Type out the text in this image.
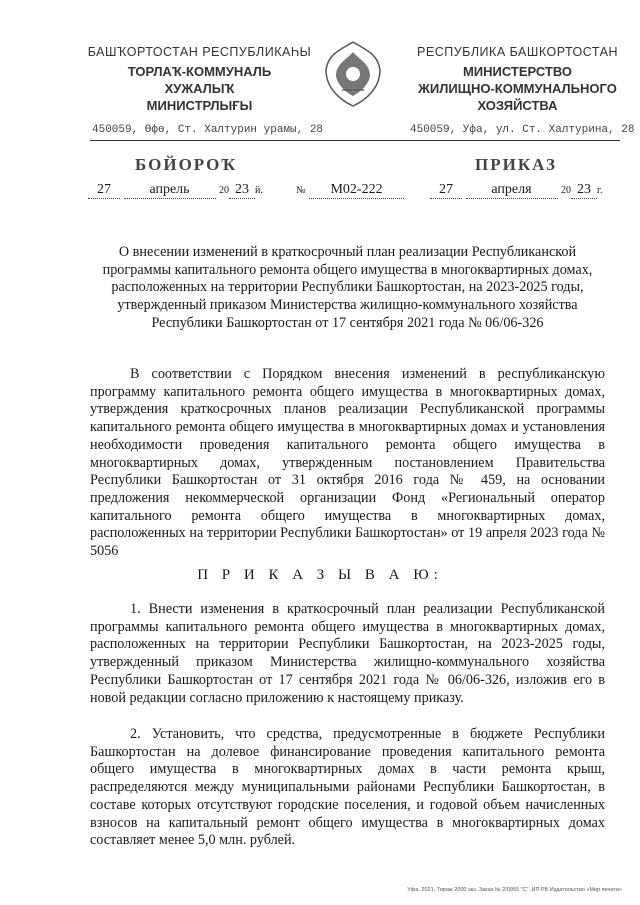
БАШҠОРТОСТАН РЕСПУБЛИКАҺЫ
ТОРЛАҠ-КОММУНАЛЬ
ХУЖАЛЫҠ
МИНИСТРЛЫҒЫ
РЕСПУБЛИКА БАШКОРТОСТАН
МИНИСТЕРСТВО
ЖИЛИЩНО-КОММУНАЛЬНОГО
ХОЗЯЙСТВА
450059, Өфө, Ст. Халтурин урамы, 28	450059, Уфа, ул. Ст. Халтурина, 28
БОЙОРОҠ	ПРИКАЗ
27	апрель	20 23 й.	№ М02-222	27	апреля	20 23 г.
О внесении изменений в краткосрочный план реализации Республиканской программы капитального ремонта общего имущества в многоквартирных домах, расположенных на территории Республики Башкортостан, на 2023-2025 годы, утвержденный приказом Министерства жилищно-коммунального хозяйства Республики Башкортостан от 17 сентября 2021 года № 06/06-326
В соответствии с Порядком внесения изменений в республиканскую программу капитального ремонта общего имущества в многоквартирных домах, утверждения краткосрочных планов реализации Республиканской программы капитального ремонта общего имущества в многоквартирных домах и установления необходимости проведения капитального ремонта общего имущества в многоквартирных домах, утвержденным постановлением Правительства Республики Башкортостан от 31 октября 2016 года № 459, на основании предложения некоммерческой организации Фонд «Региональный оператор капитального ремонта общего имущества в многоквартирных домах, расположенных на территории Республики Башкортостан» от 19 апреля 2023 года № 5056
П Р И К А З Ы В А Ю:
1. Внести изменения в краткосрочный план реализации Республиканской программы капитального ремонта общего имущества в многоквартирных домах, расположенных на территории Республики Башкортостан, на 2023-2025 годы, утвержденный приказом Министерства жилищно-коммунального хозяйства Республики Башкортостан от 17 сентября 2021 года № 06/06-326, изложив его в новой редакции согласно приложению к настоящему приказу.
2. Установить, что средства, предусмотренные в бюджете Республики Башкортостан на долевое финансирование проведения капитального ремонта общего имущества в многоквартирных домах в части ремонта крыш, распределяются между муниципальными районами Республики Башкортостан, в составе которых отсутствуют городские поселения, и годовой объем начисленных взносов на капитальный ремонт общего имущества в многоквартирных домах составляет менее 5,0 млн. рублей.
Уфа. 2021. Тираж 2000 экз. Заказ № 2/0955 "С". ИП РБ Издательство «Мир печати»
